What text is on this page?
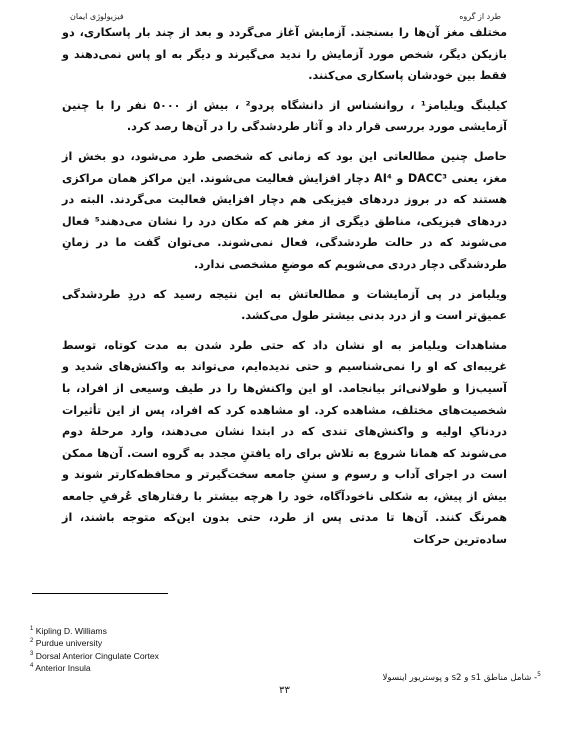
طرد از گروه
فیزیولوژی ایمان

مختلف مغز آن‌ها را بسنجند. آزمایش آغاز می‌گردد و بعد از چند بار پاسکاری، دو بازیکن دیگر، شخص مورد آزمایش را ندید می‌گیرند و دیگر به او پاس نمی‌دهند و فقط بین خودشان پاسکاری می‌کنند.

کیلینگ ویلیامز¹ ، روانشناس از دانشگاه پردو² ، بیش از ۵۰۰۰ نفر را با چنین آزمایشی مورد بررسی قرار داد و آثار طردشدگی را در آن‌ها رصد کرد.

حاصل چنین مطالعاتی این بود که زمانی که شخصی طرد می‌شود، دو بخش از مغز، یعنی DACC³ و AI⁴ دچار افزایش فعالیت می‌شوند. این مراکز همان مراکزی هستند که در بروز دردهای فیزیکی هم دچار افزایش فعالیت می‌گردند. البته در دردهای فیزیکی، مناطق دیگری از مغز هم که مکان درد را نشان می‌دهند⁵ فعال می‌شوند که در حالت طردشدگی، فعال نمی‌شوند. می‌توان گفت ما در زمانِ طردشدگی دچار دردی می‌شویم که موضعِ مشخصی ندارد.

ویلیامز در پی آزمایشات و مطالعاتش به این نتیجه رسید که دردِ طردشدگی عمیق‌تر است و از درد بدنی بیشتر طول می‌کشد.

مشاهدات ویلیامز به او نشان داد که حتی طرد شدن به مدت کوتاه، توسط غریبه‌ای که او را نمی‌شناسیم و حتی ندیده‌ایم، می‌تواند به واکنش‌های شدید و آسیب‌زا و طولانی‌اثر بیانجامد. او این واکنش‌ها را در طیف وسیعی از افراد، با شخصیت‌های مختلف، مشاهده کرد. او مشاهده کرد که افراد، پس از این تأثیرات دردناکِ اولیه و واکنش‌های تندی که در ابتدا نشان می‌دهند، وارد مرحلهٔ دوم می‌شوند که همانا شروع به تلاش برای راه یافتنِ مجدد به گروه است. آن‌ها ممکن است در اجرای آداب و رسوم و سننِ جامعه سخت‌گیرتر و محافظه‌کارتر شوند و بیش از پیش، به شکلی ناخودآگاه، خود را هرچه بیشتر با رفتارهای عُرفیِ جامعه همرنگ کنند. آن‌ها تا مدتی پس از طرد، حتی بدون این‌که متوجه باشند، از ساده‌ترین حرکات

$^1$ Kipling D. Williams
$^2$ Purdue university
$^3$ Dorsal Anterior Cingulate Cortex
$^4$ Anterior Insula
$^5$- شامل مناطق s1 و s2 و پوستریور اینسولا
۳۳
